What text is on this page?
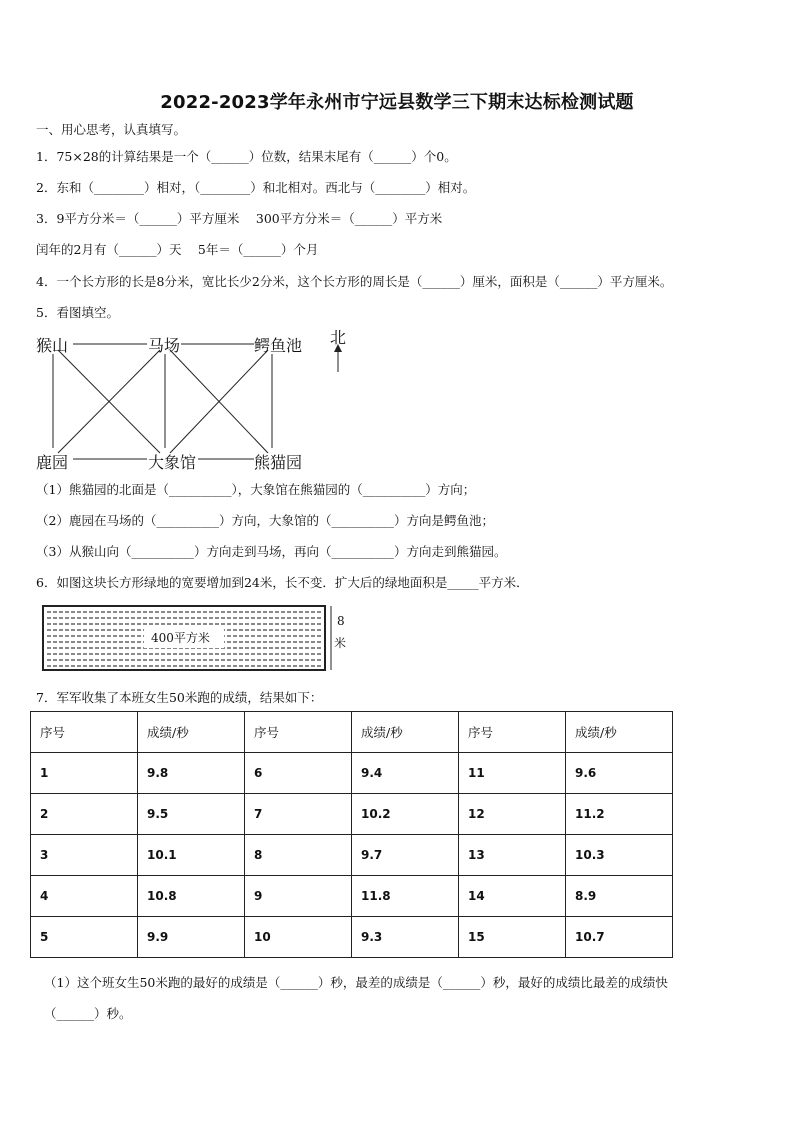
2022-2023学年永州市宁远县数学三下期末达标检测试题
一、用心思考，认真填写。
1．75×28的计算结果是一个（______）位数，结果末尾有（______）个0。
2．东和（________）相对，（________）和北相对。西北与（________）相对。
3．9平方分米＝（______）平方厘米　 300平方分米＝（______）平方米
闰年的2月有（______）天　 5年＝（______）个月
4．一个长方形的长是8分米，宽比长少2分米，这个长方形的周长是（______）厘米，面积是（______）平方厘米。
5．看图填空。
猴山	马场	鳄鱼池
鹿园	大象馆	熊猫园
北
（1）熊猫园的北面是（__________），大象馆在熊猫园的（__________）方向；
（2）鹿园在马场的（__________）方向，大象馆的（__________）方向是鳄鱼池；
（3）从猴山向（__________）方向走到马场，再向（__________）方向走到熊猫园。
6．如图这块长方形绿地的宽要增加到24米，长不变．扩大后的绿地面积是_____平方米．
400平方米
8
米
7．军军收集了本班女生50米跑的成绩，结果如下：
序号	成绩/秒	序号	成绩/秒	序号	成绩/秒
1	9.8	6	9.4	11	9.6
2	9.5	7	10.2	12	11.2
3	10.1	8	9.7	13	10.3
4	10.8	9	11.8	14	8.9
5	9.9	10	9.3	15	10.7
（1）这个班女生50米跑的最好的成绩是（______）秒，最差的成绩是（______）秒，最好的成绩比最差的成绩快
（______）秒。
